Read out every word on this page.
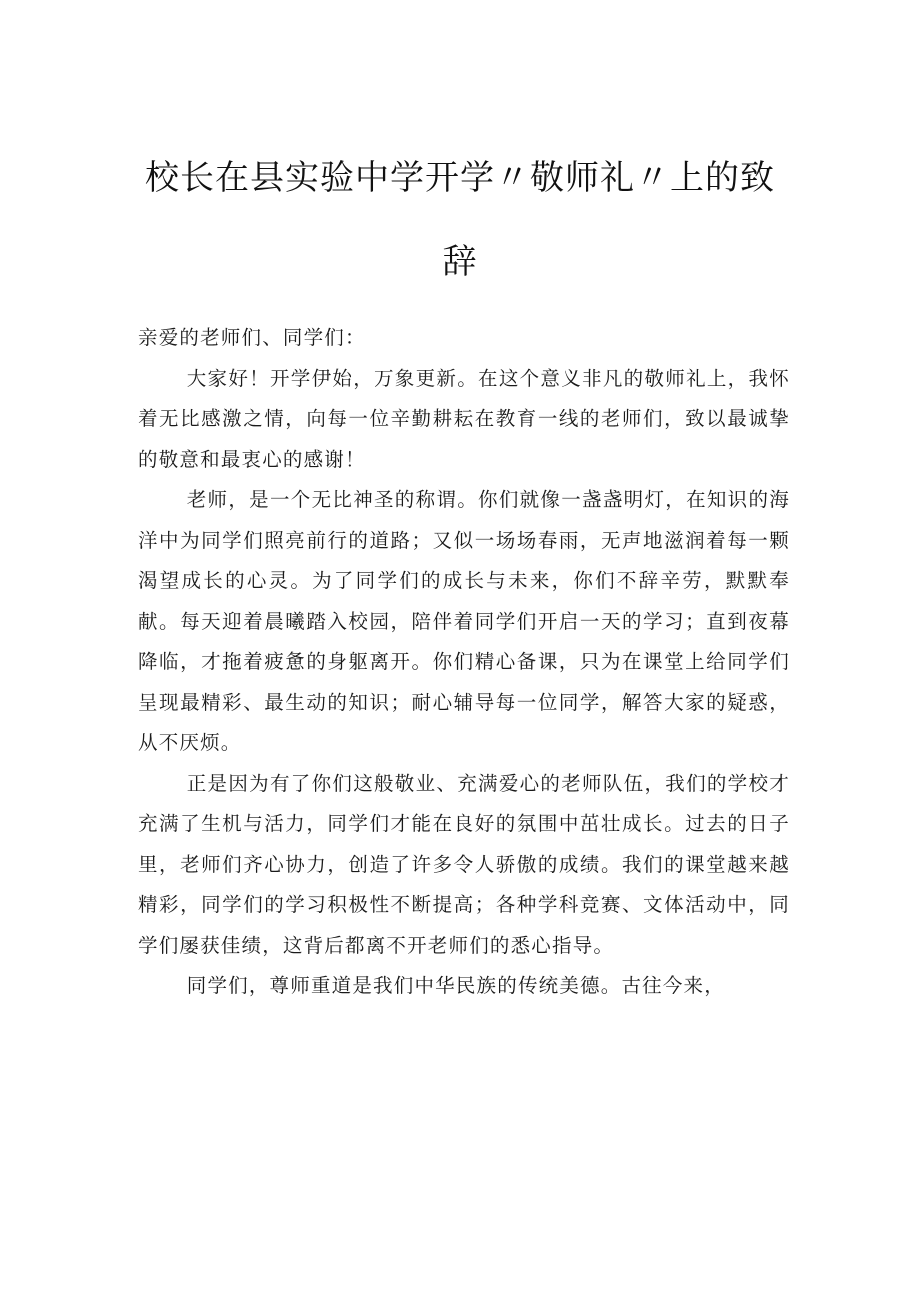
校长在县实验中学开学〃敬师礼〃上的致
辞

亲爱的老师们、同学们：

大家好！开学伊始，万象更新。在这个意义非凡的敬师礼上，我怀着无比感激之情，向每一位辛勤耕耘在教育一线的老师们，致以最诚挚的敬意和最衷心的感谢！

老师，是一个无比神圣的称谓。你们就像一盏盏明灯，在知识的海洋中为同学们照亮前行的道路；又似一场场春雨，无声地滋润着每一颗渴望成长的心灵。为了同学们的成长与未来，你们不辞辛劳，默默奉献。每天迎着晨曦踏入校园，陪伴着同学们开启一天的学习；直到夜幕降临，才拖着疲惫的身躯离开。你们精心备课，只为在课堂上给同学们呈现最精彩、最生动的知识；耐心辅导每一位同学，解答大家的疑惑，从不厌烦。

正是因为有了你们这般敬业、充满爱心的老师队伍，我们的学校才充满了生机与活力，同学们才能在良好的氛围中茁壮成长。过去的日子里，老师们齐心协力，创造了许多令人骄傲的成绩。我们的课堂越来越精彩，同学们的学习积极性不断提高；各种学科竞赛、文体活动中，同学们屡获佳绩，这背后都离不开老师们的悉心指导。

同学们，尊师重道是我们中华民族的传统美德。古往今来，
